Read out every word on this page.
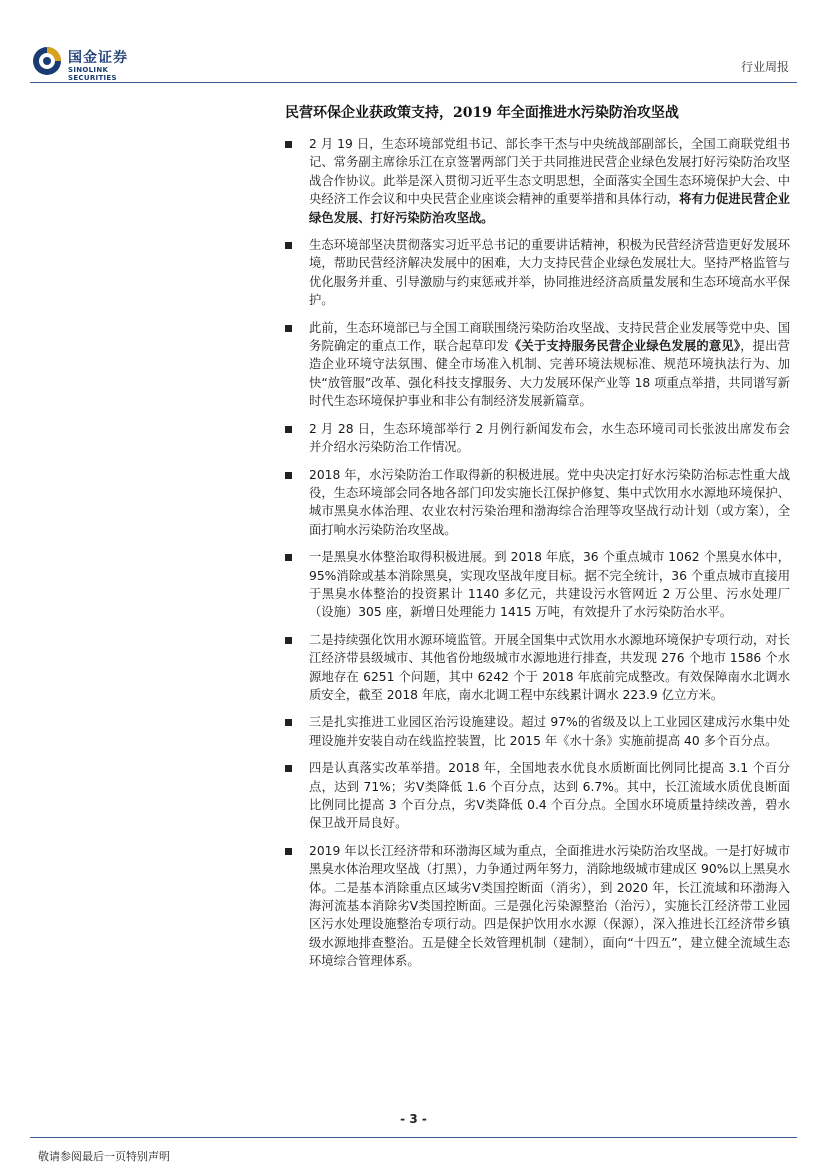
国金证券
SINOLINK SECURITIES
行业周报
民营环保企业获政策支持，2019 年全面推进水污染防治攻坚战
2 月 19 日，生态环境部党组书记、部长李干杰与中央统战部副部长，全国工商联党组书记、常务副主席徐乐江在京签署两部门关于共同推进民营企业绿色发展打好污染防治攻坚战合作协议。此举是深入贯彻习近平生态文明思想，全面落实全国生态环境保护大会、中央经济工作会议和中央民营企业座谈会精神的重要举措和具体行动，将有力促进民营企业绿色发展、打好污染防治攻坚战。
生态环境部坚决贯彻落实习近平总书记的重要讲话精神，积极为民营经济营造更好发展环境，帮助民营经济解决发展中的困难，大力支持民营企业绿色发展壮大。坚持严格监管与优化服务并重、引导激励与约束惩戒并举，协同推进经济高质量发展和生态环境高水平保护。
此前，生态环境部已与全国工商联围绕污染防治攻坚战、支持民营企业发展等党中央、国务院确定的重点工作，联合起草印发《关于支持服务民营企业绿色发展的意见》，提出营造企业环境守法氛围、健全市场准入机制、完善环境法规标准、规范环境执法行为、加快“放管服”改革、强化科技支撑服务、大力发展环保产业等 18 项重点举措，共同谱写新时代生态环境保护事业和非公有制经济发展新篇章。
2 月 28 日，生态环境部举行 2 月例行新闻发布会，水生态环境司司长张波出席发布会并介绍水污染防治工作情况。
2018 年，水污染防治工作取得新的积极进展。党中央决定打好水污染防治标志性重大战役，生态环境部会同各地各部门印发实施长江保护修复、集中式饮用水水源地环境保护、城市黑臭水体治理、农业农村污染治理和渤海综合治理等攻坚战行动计划（或方案），全面打响水污染防治攻坚战。
一是黑臭水体整治取得积极进展。到 2018 年底，36 个重点城市 1062 个黑臭水体中，95%消除或基本消除黑臭，实现攻坚战年度目标。据不完全统计，36 个重点城市直接用于黑臭水体整治的投资累计 1140 多亿元，共建设污水管网近 2 万公里、污水处理厂（设施）305 座，新增日处理能力 1415 万吨，有效提升了水污染防治水平。
二是持续强化饮用水源环境监管。开展全国集中式饮用水水源地环境保护专项行动，对长江经济带县级城市、其他省份地级城市水源地进行排查，共发现 276 个地市 1586 个水源地存在 6251 个问题，其中 6242 个于 2018 年底前完成整改。有效保障南水北调水质安全，截至 2018 年底，南水北调工程中东线累计调水 223.9 亿立方米。
三是扎实推进工业园区治污设施建设。超过 97%的省级及以上工业园区建成污水集中处理设施并安装自动在线监控装置，比 2015 年《水十条》实施前提高 40 多个百分点。
四是认真落实改革举措。2018 年，全国地表水优良水质断面比例同比提高 3.1 个百分点，达到 71%；劣Ⅴ类降低 1.6 个百分点，达到 6.7%。其中，长江流域水质优良断面比例同比提高 3 个百分点，劣Ⅴ类降低 0.4 个百分点。全国水环境质量持续改善，碧水保卫战开局良好。
2019 年以长江经济带和环渤海区域为重点，全面推进水污染防治攻坚战。一是打好城市黑臭水体治理攻坚战（打黑），力争通过两年努力，消除地级城市建成区 90%以上黑臭水体。二是基本消除重点区域劣Ⅴ类国控断面（消劣），到 2020 年，长江流域和环渤海入海河流基本消除劣Ⅴ类国控断面。三是强化污染源整治（治污），实施长江经济带工业园区污水处理设施整治专项行动。四是保护饮用水水源（保源），深入推进长江经济带乡镇级水源地排查整治。五是健全长效管理机制（建制），面向“十四五”，建立健全流域生态环境综合管理体系。
- 3 -
敬请参阅最后一页特别声明
